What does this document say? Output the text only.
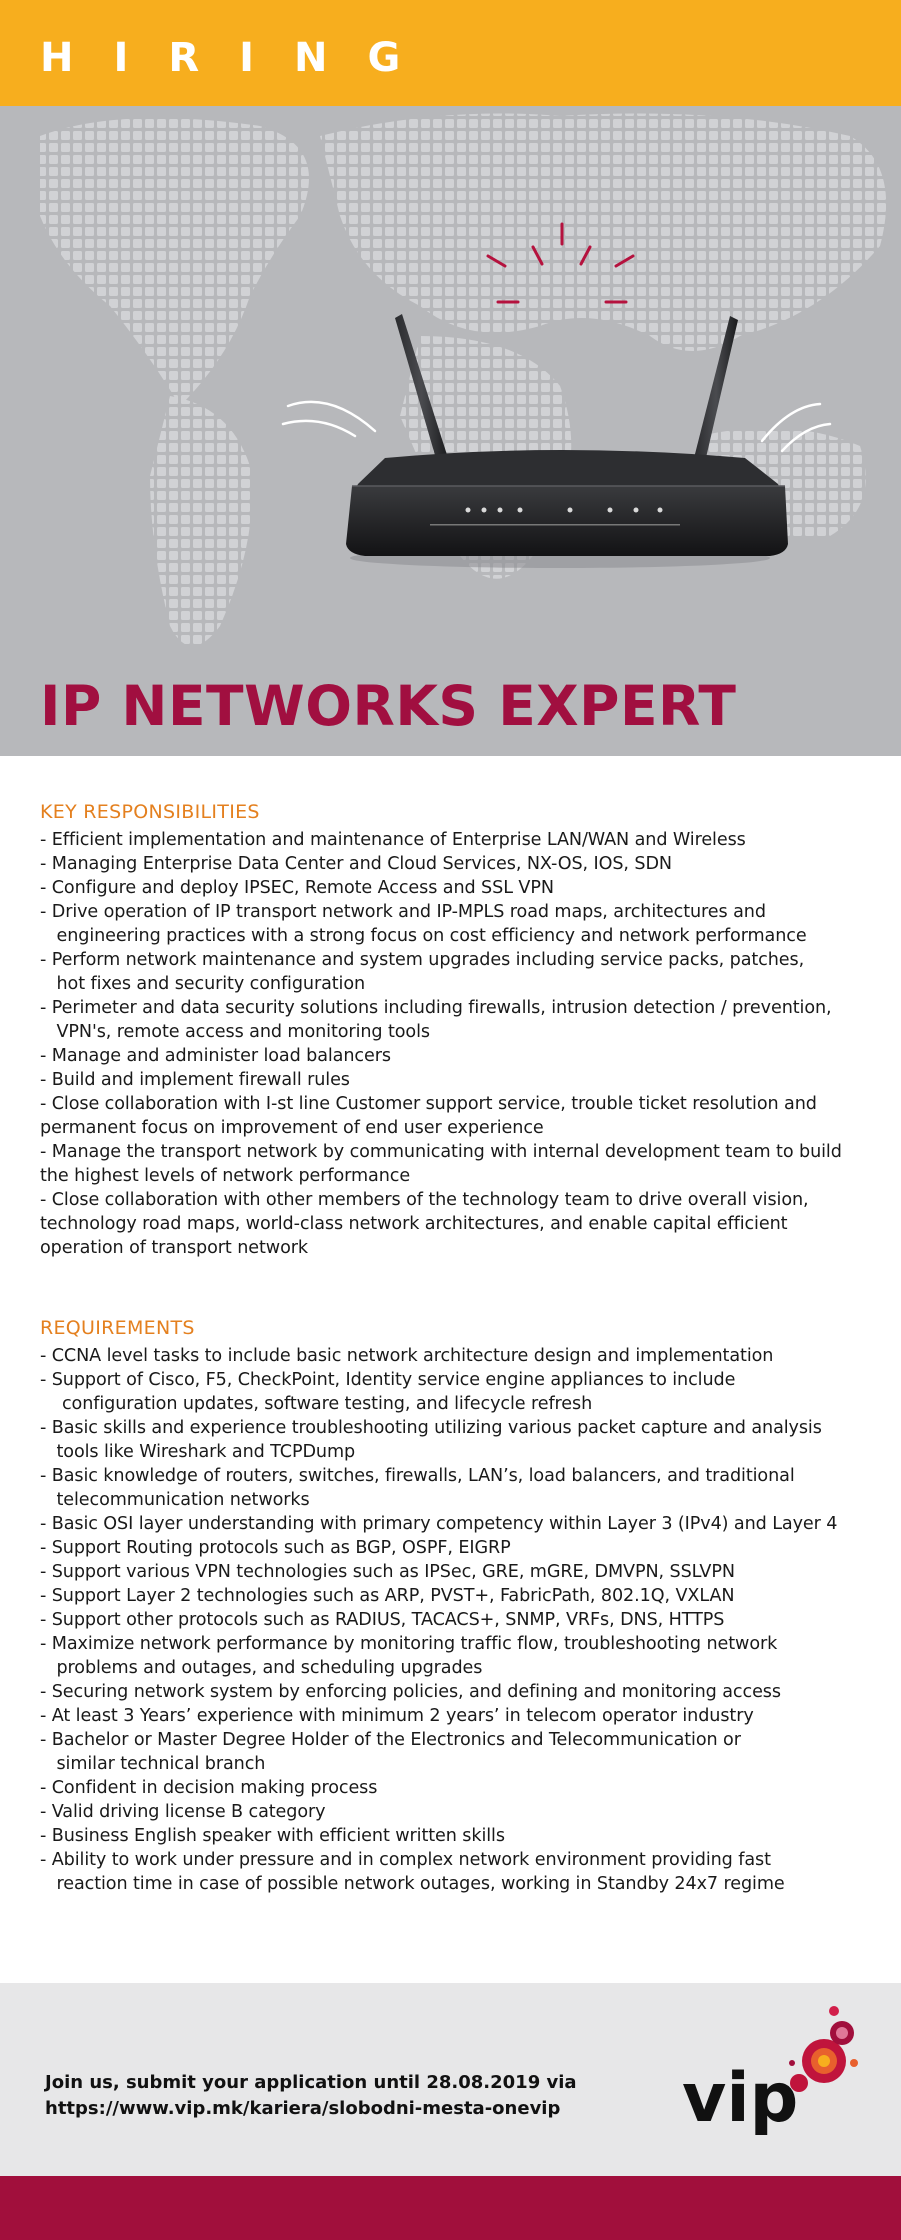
HIRING
IP NETWORKS EXPERT
KEY RESPONSIBILITIES
- Efficient implementation and maintenance of Enterprise LAN/WAN and Wireless
- Managing Enterprise Data Center and Cloud Services, NX-OS, IOS, SDN
- Configure and deploy IPSEC, Remote Access and SSL VPN
- Drive operation of IP transport network and IP-MPLS road maps, architectures and
engineering practices with a strong focus on cost efficiency and network performance
- Perform network maintenance and system upgrades including service packs, patches,
hot fixes and security configuration
- Perimeter and data security solutions including firewalls, intrusion detection / prevention,
VPN's, remote access and monitoring tools
- Manage and administer load balancers
- Build and implement firewall rules
- Close collaboration with I-st line Customer support service, trouble ticket resolution and
permanent focus on improvement of end user experience
- Manage the transport network by communicating with internal development team to build
the highest levels of network performance
- Close collaboration with other members of the technology team to drive overall vision,
technology road maps, world-class network architectures, and enable capital efficient
operation of transport network
REQUIREMENTS
- CCNA level tasks to include basic network architecture design and implementation
- Support of Cisco, F5, CheckPoint, Identity service engine appliances to include
configuration updates, software testing, and lifecycle refresh
- Basic skills and experience troubleshooting utilizing various packet capture and analysis
tools like Wireshark and TCPDump
- Basic knowledge of routers, switches, firewalls, LAN’s, load balancers, and traditional
telecommunication networks
- Basic OSI layer understanding with primary competency within Layer 3 (IPv4) and Layer 4
- Support Routing protocols such as BGP, OSPF, EIGRP
- Support various VPN technologies such as IPSec, GRE, mGRE, DMVPN, SSLVPN
- Support Layer 2 technologies such as ARP, PVST+, FabricPath, 802.1Q, VXLAN
- Support other protocols such as RADIUS, TACACS+, SNMP, VRFs, DNS, HTTPS
- Maximize network performance by monitoring traffic flow, troubleshooting network
problems and outages, and scheduling upgrades
- Securing network system by enforcing policies, and defining and monitoring access
- At least 3 Years’ experience with minimum 2 years’ in telecom operator industry
- Bachelor or Master Degree Holder of the Electronics and Telecommunication or
similar technical branch
- Confident in decision making process
- Valid driving license B category
- Business English speaker with efficient written skills
- Ability to work under pressure and in complex network environment providing fast
reaction time in case of possible network outages, working in Standby 24x7 regime
Join us, submit your application until 28.08.2019 via
https://www.vip.mk/kariera/slobodni-mesta-onevip	vip
